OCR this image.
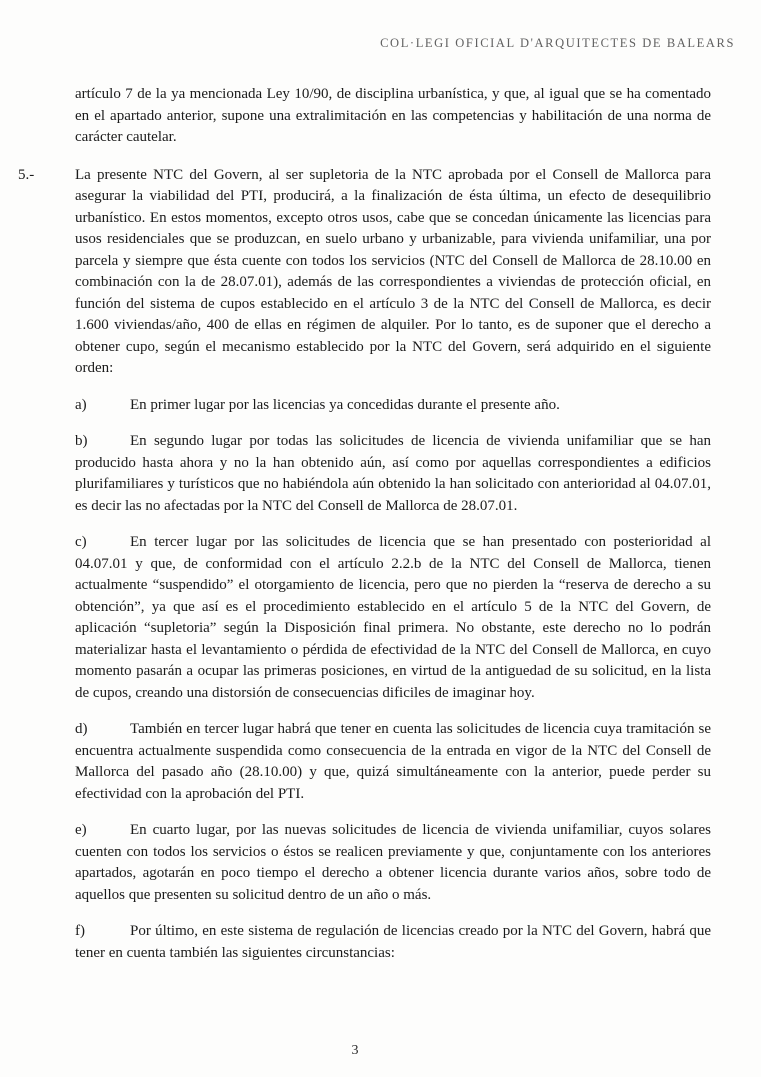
COL·LEGI OFICIAL D'ARQUITECTES DE BALEARS

artículo 7 de la ya mencionada Ley 10/90, de disciplina urbanística, y que, al igual que se ha comentado en el apartado anterior, supone una extralimitación en las competencias y habilitación de una norma de carácter cautelar.

5.-	La presente NTC del Govern, al ser supletoria de la NTC aprobada por el Consell de Mallorca para asegurar la viabilidad del PTI, producirá, a la finalización de ésta última, un efecto de desequilibrio urbanístico. En estos momentos, excepto otros usos, cabe que se concedan únicamente las licencias para usos residenciales que se produzcan, en suelo urbano y urbanizable, para vivienda unifamiliar, una por parcela y siempre que ésta cuente con todos los servicios (NTC del Consell de Mallorca de 28.10.00 en combinación con la de 28.07.01), además de las correspondientes a viviendas de protección oficial, en función del sistema de cupos establecido en el artículo 3 de la NTC del Consell de Mallorca, es decir 1.600 viviendas/año, 400 de ellas en régimen de alquiler. Por lo tanto, es de suponer que el derecho a obtener cupo, según el mecanismo establecido por la NTC del Govern, será adquirido en el siguiente orden:

a)	En primer lugar por las licencias ya concedidas durante el presente año.

b)	En segundo lugar por todas las solicitudes de licencia de vivienda unifamiliar que se han producido hasta ahora y no la han obtenido aún, así como por aquellas correspondientes a edificios plurifamiliares y turísticos que no habiéndola aún obtenido la han solicitado con anterioridad al 04.07.01, es decir las no afectadas por la NTC del Consell de Mallorca de 28.07.01.

c)	En tercer lugar por las solicitudes de licencia que se han presentado con posterioridad al 04.07.01 y que, de conformidad con el artículo 2.2.b de la NTC del Consell de Mallorca, tienen actualmente “suspendido” el otorgamiento de licencia, pero que no pierden la “reserva de derecho a su obtención”, ya que así es el procedimiento establecido en el artículo 5 de la NTC del Govern, de aplicación “supletoria” según la Disposición final primera. No obstante, este derecho no lo podrán materializar hasta el levantamiento o pérdida de efectividad de la NTC del Consell de Mallorca, en cuyo momento pasarán a ocupar las primeras posiciones, en virtud de la antiguedad de su solicitud, en la lista de cupos, creando una distorsión de consecuencias dificiles de imaginar hoy.

d)	También en tercer lugar habrá que tener en cuenta las solicitudes de licencia cuya tramitación se encuentra actualmente suspendida como consecuencia de la entrada en vigor de la NTC del Consell de Mallorca del pasado año (28.10.00) y que, quizá simultáneamente con la anterior, puede perder su efectividad con la aprobación del PTI.

e)	En cuarto lugar, por las nuevas solicitudes de licencia de vivienda unifamiliar, cuyos solares cuenten con todos los servicios o éstos se realicen previamente y que, conjuntamente con los anteriores apartados, agotarán en poco tiempo el derecho a obtener licencia durante varios años, sobre todo de aquellos que presenten su solicitud dentro de un año o más.

f)	Por último, en este sistema de regulación de licencias creado por la NTC del Govern, habrá que tener en cuenta también las siguientes circunstancias:

3
